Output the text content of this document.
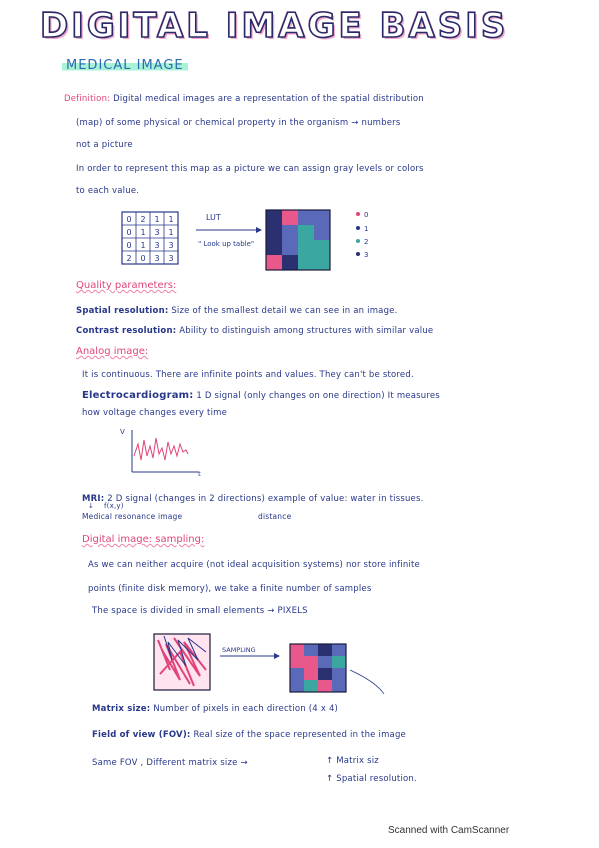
DIGITAL IMAGE BASIS
MEDICAL IMAGE
Definition: Digital medical images are a representation of the spatial distribution
(map) of some physical or chemical property in the organism → numbers
not a picture
In order to represent this map as a picture we can assign gray levels or colors
to each value.
0 2 1 1
0 1 3 1
0 1 3 3
2 0 3 3
LUT
" Look up table"
0
1
2
3
Quality parameters:
Spatial resolution: Size of the smallest detail we can see in an image.
Contrast resolution: Ability to distinguish among structures with similar value
Analog image:
It is continuous. There are infinite points and values. They can't be stored.
Electrocardiogram: 1 D signal (only changes on one direction) It measures
how voltage changes every time
V
t
MRI: 2 D signal (changes in 2 directions) example of value: water in tissues.
↓ f(x,y)
Medical resonance image	distance
Digital image: sampling:
As we can neither acquire (not ideal acquisition systems) nor store infinite
points (finite disk memory), we take a finite number of samples
The space is divided in small elements → PIXELS
SAMPLING
Matrix size: Number of pixels in each direction (4 x 4)
Field of view (FOV): Real size of the space represented in the image
Same FOV , Different matrix size →	↑ Matrix siz
↑ Spatial resolution.
Scanned with CamScanner
